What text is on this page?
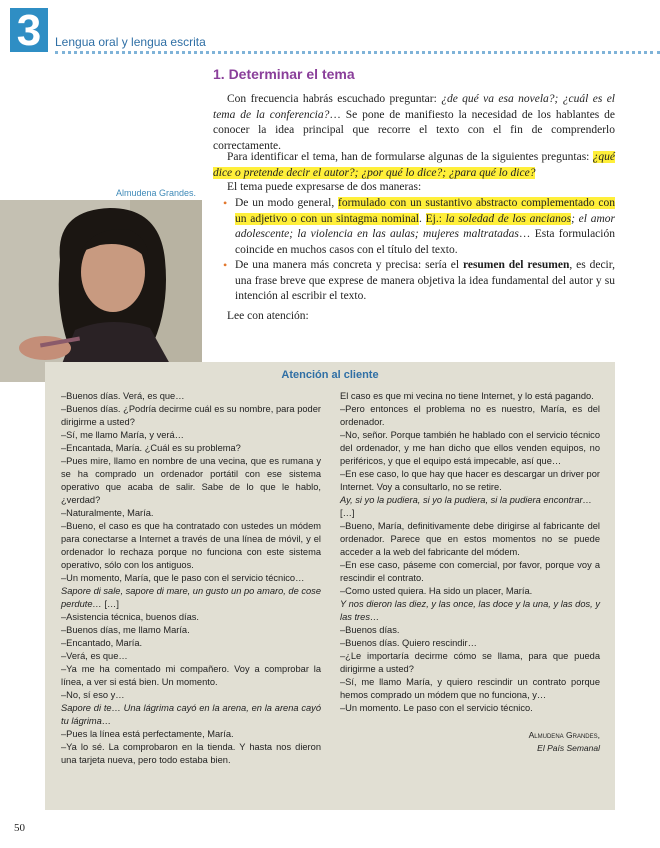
3	Lengua oral y lengua escrita
1. Determinar el tema
Con frecuencia habrás escuchado preguntar: ¿de qué va esa novela?; ¿cuál es el tema de la conferencia?… Se pone de manifiesto la necesidad de los hablantes de conocer la idea principal que recorre el texto con el fin de comprenderlo correctamente.
Para identificar el tema, han de formularse algunas de la siguientes preguntas: ¿qué dice o pretende decir el autor?; ¿por qué lo dice?; ¿para qué lo dice?
El tema puede expresarse de dos maneras:
• De un modo general, formulado con un sustantivo abstracto complementado con un adjetivo o con un sintagma nominal. Ej.: la soledad de los ancianos; el amor adolescente; la violencia en las aulas; mujeres maltratadas… Esta formulación coincide en muchos casos con el título del texto.
• De una manera más concreta y precisa: sería el resumen del resumen, es decir, una frase breve que exprese de manera objetiva la idea fundamental del autor y su intención al escribir el texto.
Lee con atención:
Almudena Grandes.
Atención al cliente

–Buenos días. Verá, es que…

–Buenos días. ¿Podría decirme cuál es su nombre, para poder dirigirme a usted?

–Sí, me llamo María, y verá…

–Encantada, María. ¿Cuál es su problema?

–Pues mire, llamo en nombre de una vecina, que es rumana y se ha comprado un ordenador portátil con ese sistema operativo que acaba de salir. Sabe de lo que le hablo, ¿verdad?

–Naturalmente, María.

–Bueno, el caso es que ha contratado con ustedes un módem para conectarse a Internet a través de una línea de móvil, y el ordenador lo rechaza porque no funciona con este sistema operativo, sólo con los antiguos.

–Un momento, María, que le paso con el servicio técnico…

Sapore di sale, sapore di mare, un gusto un po amaro, de cose perdute… […]

–Asistencia técnica, buenos días.

–Buenos días, me llamo María.

–Encantado, María.

–Verá, es que…

–Ya me ha comentado mi compañero. Voy a comprobar la línea, a ver si está bien. Un momento.

–No, sí eso y…

Sapore di te… Una lágrima cayó en la arena, en la arena cayó tu lágrima…

–Pues la línea está perfectamente, María.

–Ya lo sé. La comprobaron en la tienda. Y hasta nos dieron una tarjeta nueva, pero todo estaba bien.

El caso es que mi vecina no tiene Internet, y lo está pagando.

–Pero entonces el problema no es nuestro, María, es del ordenador.

–No, señor. Porque también he hablado con el servicio técnico del ordenador, y me han dicho que ellos venden equipos, no periféricos, y que el equipo está impecable, así que…

–En ese caso, lo que hay que hacer es descargar un driver por Internet. Voy a consultarlo, no se retire.

Ay, si yo la pudiera, si yo la pudiera, si la pudiera encontrar…

[…]

–Bueno, María, definitivamente debe dirigirse al fabricante del ordenador. Parece que en estos momentos no se puede acceder a la web del fabricante del módem.

–En ese caso, páseme con comercial, por favor, porque voy a rescindir el contrato.

–Como usted quiera. Ha sido un placer, María.

Y nos dieron las diez, y las once, las doce y la una, y las dos, y las tres…

–Buenos días.

–Buenos días. Quiero rescindir…

–¿Le importaría decirme cómo se llama, para que pueda dirigirme a usted?

–Sí, me llamo María, y quiero rescindir un contrato porque hemos comprado un módem que no funciona, y…

–Un momento. Le paso con el servicio técnico.

Almudena Grandes,
El País Semanal
50
